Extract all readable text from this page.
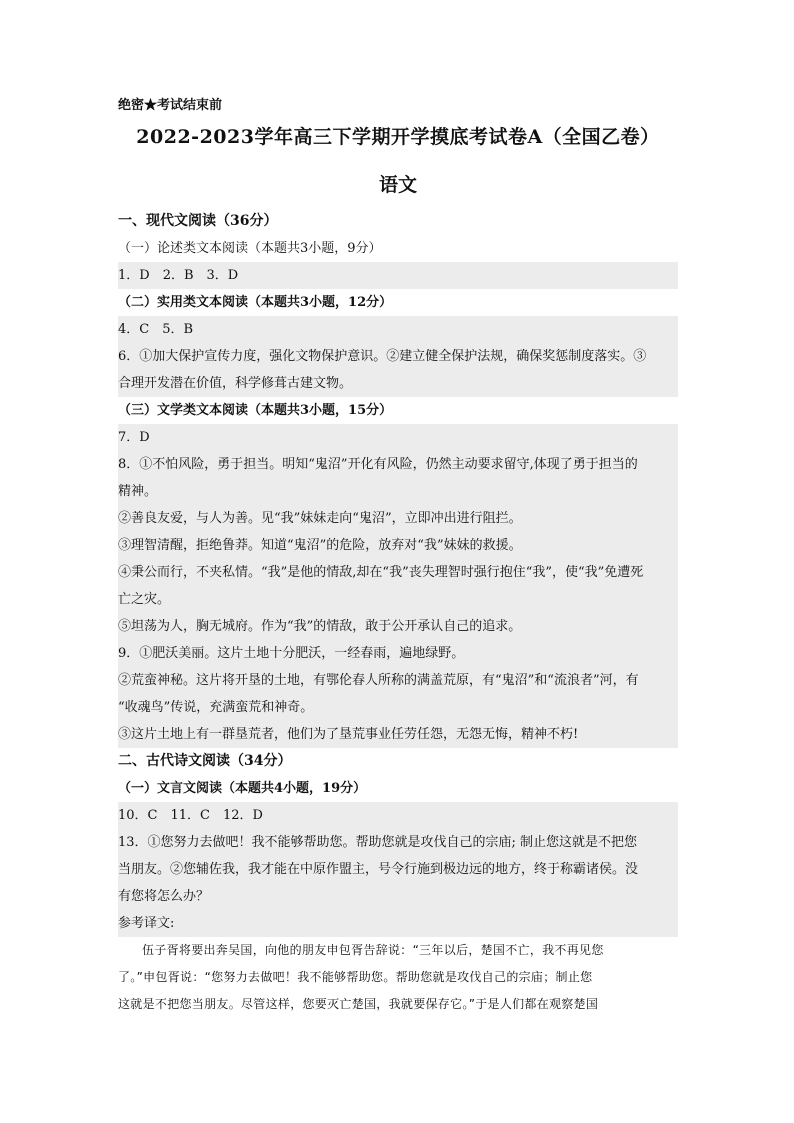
绝密★考试结束前
2022-2023学年高三下学期开学摸底考试卷A（全国乙卷）
语文
一、现代文阅读（36分）
（一）论述类文本阅读（本题共3小题，9分）
1．D　2．B　3．D
（二）实用类文本阅读（本题共3小题，12分）
4．C　5．B
6．①加大保护宣传力度，强化文物保护意识。②建立健全保护法规，确保奖惩制度落实。③
合理开发潜在价值，科学修葺古建文物。
（三）文学类文本阅读（本题共3小题，15分）
7．D
8．①不怕风险，勇于担当。明知“鬼沼”开化有风险，仍然主动要求留守,体现了勇于担当的
精神。
②善良友爱，与人为善。见“我”妹妹走向“鬼沼”，立即冲出进行阻拦。
③理智清醒，拒绝鲁莽。知道“鬼沼”的危险，放弃对“我”妹妹的救援。
④秉公而行，不夹私情。“我”是他的情敌,却在“我”丧失理智时强行抱住“我”，使“我”免遭死
亡之灾。
⑤坦荡为人，胸无城府。作为“我”的情敌，敢于公开承认自己的追求。
9．①肥沃美丽。这片土地十分肥沃，一经春雨，遍地绿野。
②荒蛮神秘。这片将开垦的土地，有鄂伦春人所称的满盖荒原，有“鬼沼”和“流浪者”河，有
“收魂鸟”传说，充满蛮荒和神奇。
③这片土地上有一群垦荒者，他们为了垦荒事业任劳任怨，无怨无悔，精神不朽!
二、古代诗文阅读（34分）
（一）文言文阅读（本题共4小题，19分）
10．C　11．C　12．D
13．①您努力去做吧！我不能够帮助您。帮助您就是攻伐自己的宗庙; 制止您这就是不把您
当朋友。②您辅佐我，我才能在中原作盟主，号令行施到极边远的地方，终于称霸诸侯。没
有您将怎么办？
参考译文:
伍子胥将要出奔吴国，向他的朋友申包胥告辞说：“三年以后，楚国不亡，我不再见您
了。”申包胥说：“您努力去做吧！我不能够帮助您。帮助您就是攻伐自己的宗庙；制止您
这就是不把您当朋友。尽管这样，您要灭亡楚国，我就要保存它。”于是人们都在观察楚国
